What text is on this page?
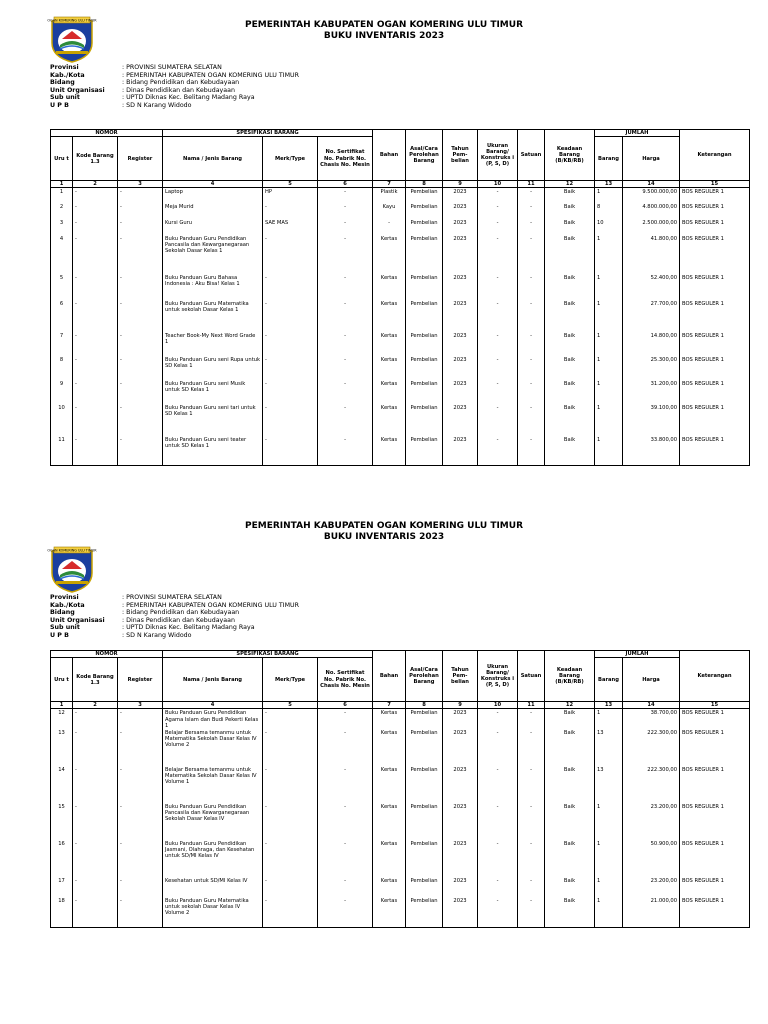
OGAN KOMERING ULU TIMUR	PEMERINTAH KABUPATEN OGAN KOMERING ULU TIMUR
BUKU INVENTARIS 2023
Provinsi	: PROVINSI SUMATERA SELATAN
Kab./Kota	: PEMERINTAH KABUPATEN OGAN KOMERING ULU TIMUR
Bidang	: Bidang Pendidikan dan Kebudayaan
Unit Organisasi	: Dinas Pendidikan dan Kebudayaan
Sub unit	: UPTD Diknas Kec. Belitang Madang Raya
U P B	: SD N Karang Widodo
NOMOR			SPESIFIKASI BARANG			Bahan	Asal/Cara Perolehan Barang	Tahun Pem- belian	Ukuran Barang/ Konstruks i (P, S, D)	Satuan	Keadaan Barang (B/KB/RB)	JUMLAH		Keterangan
Uru t	Kode Barang 1.3	Register	Nama / Jenis Barang	Merk/Type	No. Sertifikat No. Pabrik No. Chasis No. Mesin							Barang	Harga	
1	2	3	4	5	6	7	8	9	10	11	12	13	14	15
1	-	-	Laptop	HP	-	Plastik	Pembelian	2023	-	-	Baik	1	9.500.000,00	BOS REGULER 1
2	-	-	Meja Murid	-	-	Kayu	Pembelian	2023	-	-	Baik	8	4.800.000,00	BOS REGULER 1
3	-	-	Kursi Guru	SAE MAS	-	-	Pembelian	2023	-	-	Baik	10	2.500.000,00	BOS REGULER 1
4	-	-	Buku Panduan Guru Pendidikan Pancasila dan Kewarganegaraan Sekolah Dasar Kelas 1	-	-	Kertas	Pembelian	2023	-	-	Baik	1	41.800,00	BOS REGULER 1
5	-	-	Buku Panduan Guru Bahasa Indonesia : Aku Bisa! Kelas 1	-	-	Kertas	Pembelian	2023	-	-	Baik	1	52.400,00	BOS REGULER 1
6	-	-	Buku Panduan Guru Matematika untuk sekolah Dasar Kelas 1	-	-	Kertas	Pembelian	2023	-	-	Baik	1	27.700,00	BOS REGULER 1
7	-	-	Teacher Book-My Next Word Grade 1	-	-	Kertas	Pembelian	2023	-	-	Baik	1	14.800,00	BOS REGULER 1
8	-	-	Buku Panduan Guru seni Rupa untuk SD Kelas 1	-	-	Kertas	Pembelian	2023	-	-	Baik	1	25.300,00	BOS REGULER 1
9	-	-	Buku Panduan Guru seni Musik untuk SD Kelas 1	-	-	Kertas	Pembelian	2023	-	-	Baik	1	31.200,00	BOS REGULER 1
10	-	-	Buku Panduan Guru seni tari untuk SD Kelas 1	-	-	Kertas	Pembelian	2023	-	-	Baik	1	39.100,00	BOS REGULER 1
11	-	-	Buku Panduan Guru seni teater untuk SD Kelas 1	-	-	Kertas	Pembelian	2023	-	-	Baik	1	33.800,00	BOS REGULER 1
OGAN KOMERING ULU TIMUR
PEMERINTAH KABUPATEN OGAN KOMERING ULU TIMUR
BUKU INVENTARIS 2023
Provinsi	: PROVINSI SUMATERA SELATAN
Kab./Kota	: PEMERINTAH KABUPATEN OGAN KOMERING ULU TIMUR
Bidang	: Bidang Pendidikan dan Kebudayaan
Unit Organisasi	: Dinas Pendidikan dan Kebudayaan
Sub unit	: UPTD Diknas Kec. Belitang Madang Raya
U P B	: SD N Karang Widodo
NOMOR			SPESIFIKASI BARANG			Bahan	Asal/Cara Perolehan Barang	Tahun Pem- belian	Ukuran Barang/ Konstruks i (P, S, D)	Satuan	Keadaan Barang (B/KB/RB)	JUMLAH		Keterangan
Uru t	Kode Barang 1.3	Register	Nama / Jenis Barang	Merk/Type	No. Sertifikat No. Pabrik No. Chasis No. Mesin							Barang	Harga	
1	2	3	4	5	6	7	8	9	10	11	12	13	14	15
12	-	-	Buku Panduan Guru Pendidikan Agama Islam dan Budi Pekerti Kelas 1	-	-	Kertas	Pembelian	2023	-	-	Baik	1	38.700,00	BOS REGULER 1
13	-	-	Belajar Bersama temanmu untuk Matematika Sekolah Dasar Kelas IV Volume 2	-	-	Kertas	Pembelian	2023	-	-	Baik	13	222.300,00	BOS REGULER 1
14	-	-	Belajar Bersama temanmu untuk Matematika Sekolah Dasar Kelas IV Volume 1	-	-	Kertas	Pembelian	2023	-	-	Baik	13	222.300,00	BOS REGULER 1
15	-	-	Buku Panduan Guru Pendidikan Pancasila dan Kewarganegaraan Sekolah Dasar Kelas IV	-	-	Kertas	Pembelian	2023	-	-	Baik	1	23.200,00	BOS REGULER 1
16	-	-	Buku Panduan Guru Pendidikan Jasmani, Olahraga, dan Kesehatan untuk SD/MI Kelas IV	-	-	Kertas	Pembelian	2023	-	-	Baik	1	50.900,00	BOS REGULER 1
17	-	-	Kesehatan untuk SD/MI Kelas IV	-	-	Kertas	Pembelian	2023	-	-	Baik	1	23.200,00	BOS REGULER 1
18	-	-	Buku Panduan Guru Matematika untuk sekolah Dasar Kelas IV Volume 2	-	-	Kertas	Pembelian	2023	-	-	Baik	1	21.000,00	BOS REGULER 1
